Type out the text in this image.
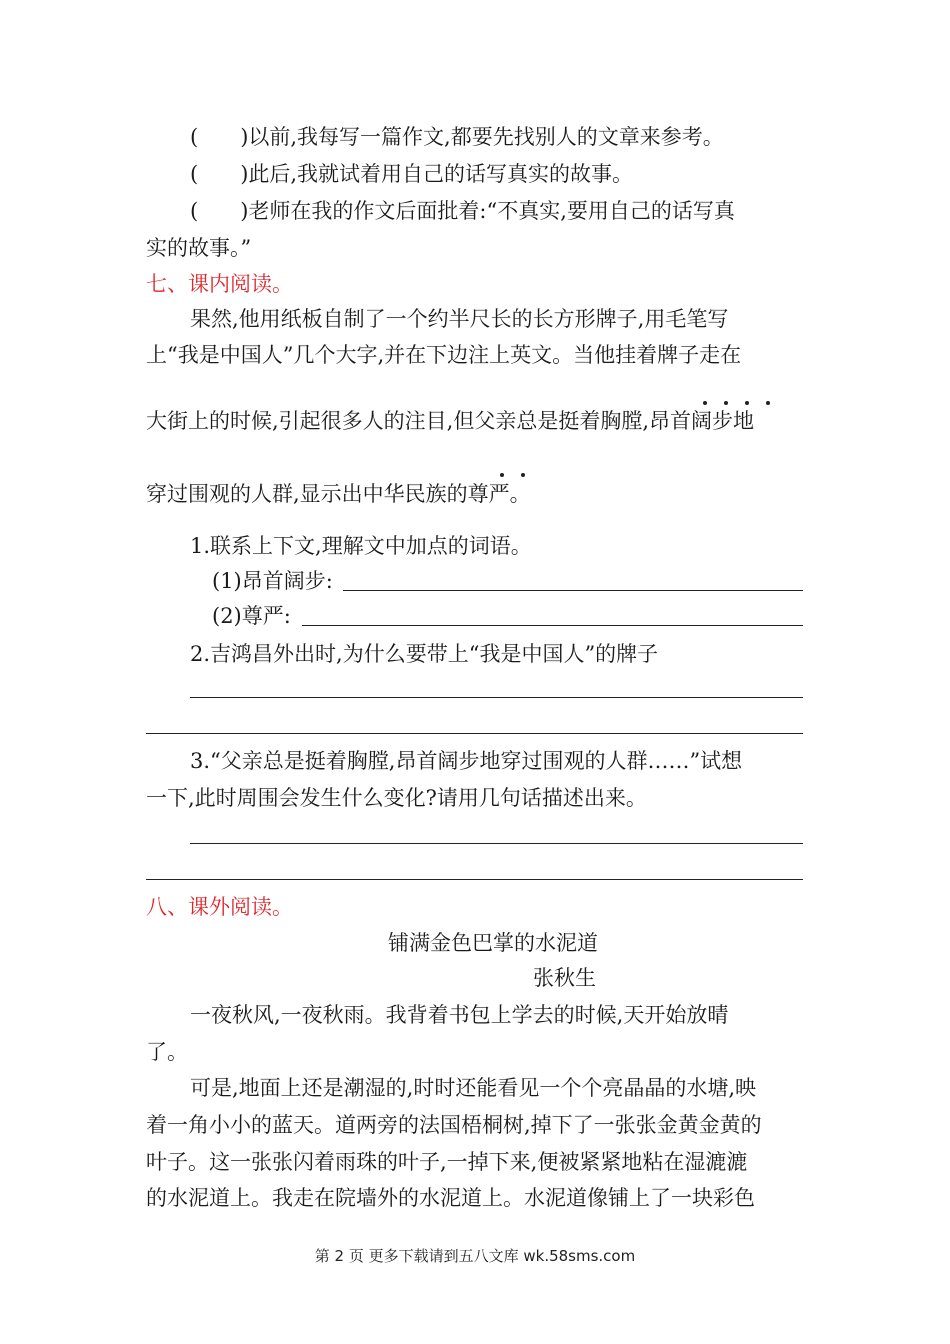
(　　)以前,我每写一篇作文,都要先找别人的文章来参考。
(　　)此后,我就试着用自己的话写真实的故事。
(　　)老师在我的作文后面批着:“不真实,要用自己的话写真
实的故事。”
七、课内阅读。
果然,他用纸板自制了一个约半尺长的长方形牌子,用毛笔写
上“我是中国人”几个大字,并在下边注上英文。当他挂着牌子走在
大街上的时候,引起很多人的注目,但父亲总是挺着胸膛,昂首阔步地
穿过围观的人群,显示出中华民族的尊严。
1.联系上下文,理解文中加点的词语。
(1)昂首阔步:
(2)尊严:
2.吉鸿昌外出时,为什么要带上“我是中国人”的牌子
3.“父亲总是挺着胸膛,昂首阔步地穿过围观的人群……”试想
一下,此时周围会发生什么变化?请用几句话描述出来。
八、课外阅读。
铺满金色巴掌的水泥道
张秋生
一夜秋风,一夜秋雨。我背着书包上学去的时候,天开始放晴
了。
可是,地面上还是潮湿的,时时还能看见一个个亮晶晶的水塘,映
着一角小小的蓝天。道两旁的法国梧桐树,掉下了一张张金黄金黄的
叶子。这一张张闪着雨珠的叶子,一掉下来,便被紧紧地粘在湿漉漉
的水泥道上。我走在院墙外的水泥道上。水泥道像铺上了一块彩色
第 2 页 更多下载请到五八文库 wk.58sms.com
